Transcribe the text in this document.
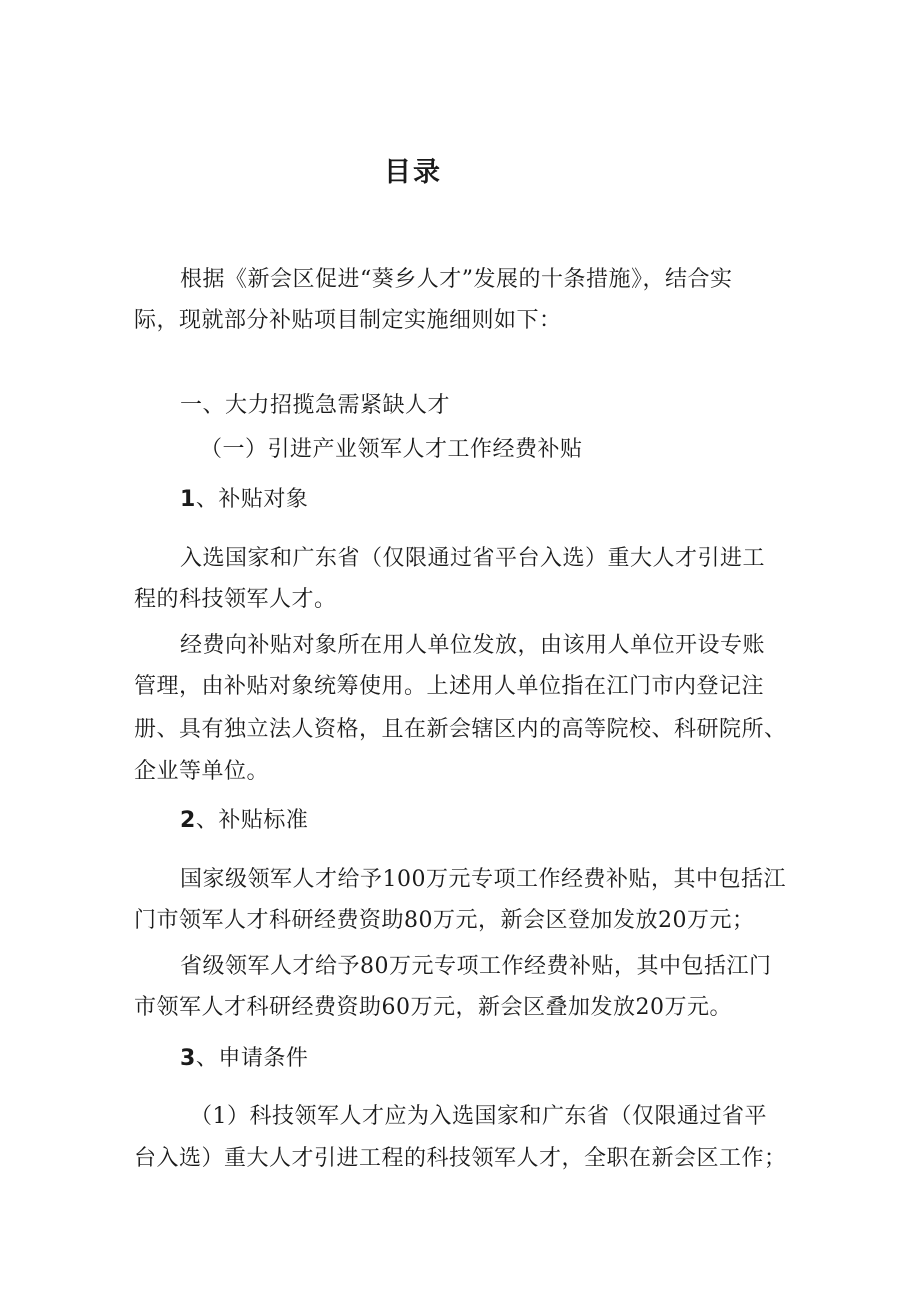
目录
根据《新会区促进“葵乡人才”发展的十条措施》，结合实
际，现就部分补贴项目制定实施细则如下：
一、大力招揽急需紧缺人才
（一）引进产业领军人才工作经费补贴
1、补贴对象
入选国家和广东省（仅限通过省平台入选）重大人才引进工
程的科技领军人才。
经费向补贴对象所在用人单位发放，由该用人单位开设专账
管理，由补贴对象统筹使用。上述用人单位指在江门市内登记注
册、具有独立法人资格，且在新会辖区内的高等院校、科研院所、
企业等单位。
2、补贴标准
国家级领军人才给予100万元专项工作经费补贴，其中包括江
门市领军人才科研经费资助80万元，新会区登加发放20万元；
省级领军人才给予80万元专项工作经费补贴，其中包括江门
市领军人才科研经费资助60万元，新会区叠加发放20万元。
3、申请条件
（1）科技领军人才应为入选国家和广东省（仅限通过省平
台入选）重大人才引进工程的科技领军人才，全职在新会区工作；
